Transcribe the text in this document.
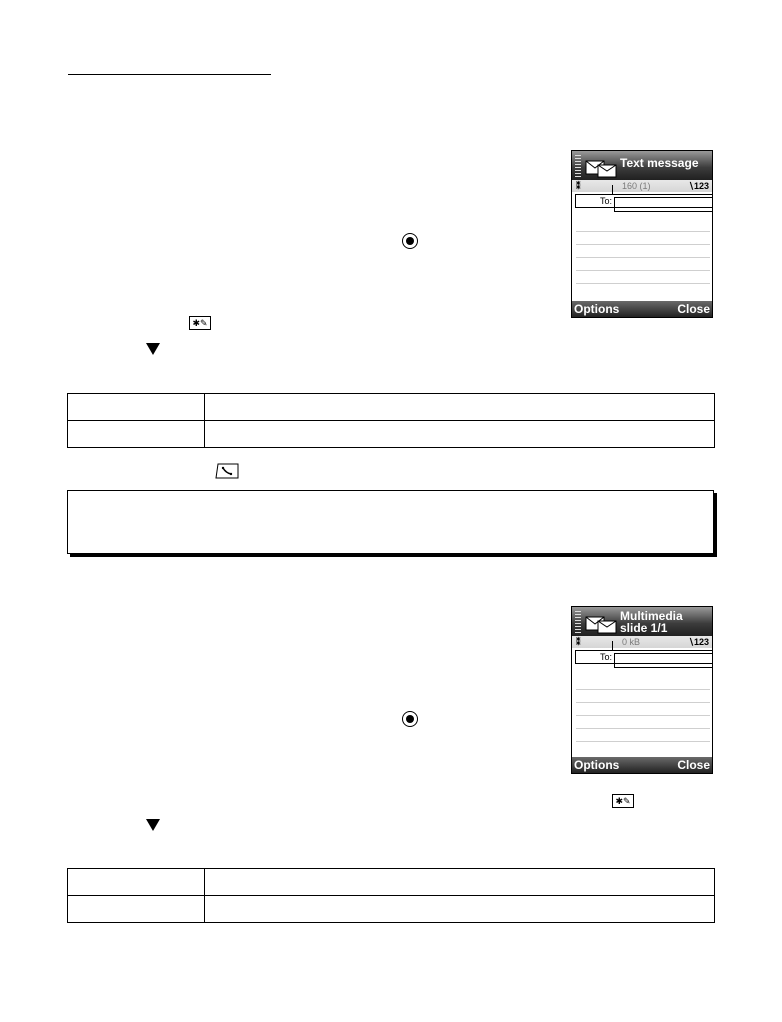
Text message
⁑	160 (1)	∖123
To:
Options	Close
✱✎

Multimedia
slide 1/1
⁑	0 kB	∖123
To:
Options	Close
✱✎
